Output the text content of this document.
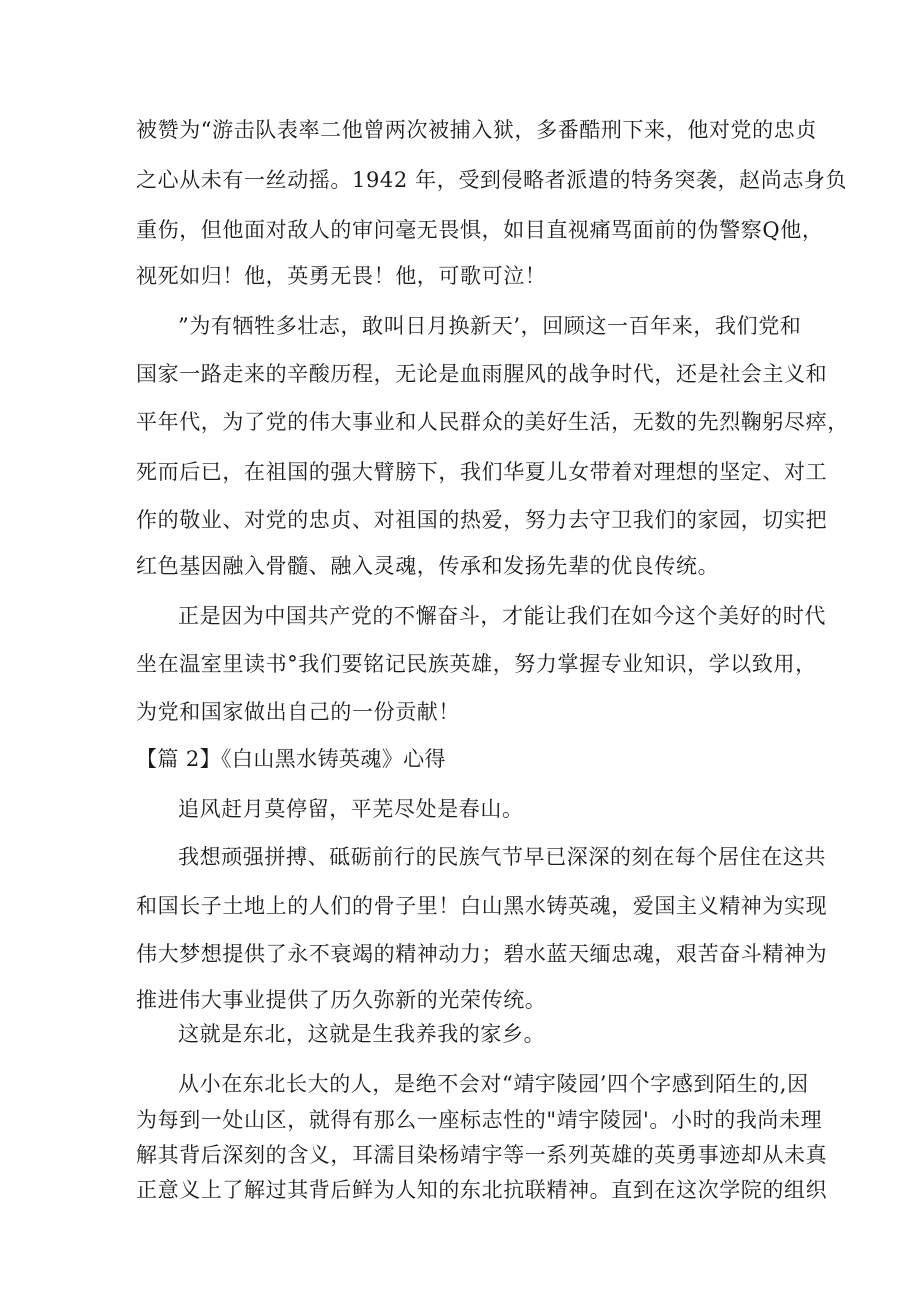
被赞为“游击队表率二他曾两次被捕入狱，多番酷刑下来，他对党的忠贞
之心从未有一丝动摇。1942 年，受到侵略者派遣的特务突袭，赵尚志身负
重伤，但他面对敌人的审问毫无畏惧，如目直视痛骂面前的伪警察Q他，
视死如归！他，英勇无畏！他，可歌可泣！
”为有牺牲多壮志，敢叫日月换新天’，回顾这一百年来，我们党和
国家一路走来的辛酸历程，无论是血雨腥风的战争时代，还是社会主义和
平年代，为了党的伟大事业和人民群众的美好生活，无数的先烈鞠躬尽瘁，
死而后已，在祖国的强大臂膀下，我们华夏儿女带着对理想的坚定、对工
作的敬业、对党的忠贞、对祖国的热爱，努力去守卫我们的家园，切实把
红色基因融入骨髓、融入灵魂，传承和发扬先辈的优良传统。
正是因为中国共产党的不懈奋斗，才能让我们在如今这个美好的时代
坐在温室里读书°我们要铭记民族英雄，努力掌握专业知识，学以致用，
为党和国家做出自己的一份贡献！
【篇 2】《白山黑水铸英魂》心得
追风赶月莫停留，平芜尽处是春山。
我想顽强拼搏、砥砺前行的民族气节早已深深的刻在每个居住在这共
和国长子土地上的人们的骨子里！白山黑水铸英魂，爱国主义精神为实现
伟大梦想提供了永不衰竭的精神动力；碧水蓝天缅忠魂，艰苦奋斗精神为
推进伟大事业提供了历久弥新的光荣传统。
这就是东北，这就是生我养我的家乡。
从小在东北长大的人，是绝不会对“靖宇陵园’四个字感到陌生的,因
为每到一处山区，就得有那么一座标志性的"靖宇陵园'。小时的我尚未理
解其背后深刻的含义，耳濡目染杨靖宇等一系列英雄的英勇事迹却从未真
正意义上了解过其背后鲜为人知的东北抗联精神。直到在这次学院的组织
